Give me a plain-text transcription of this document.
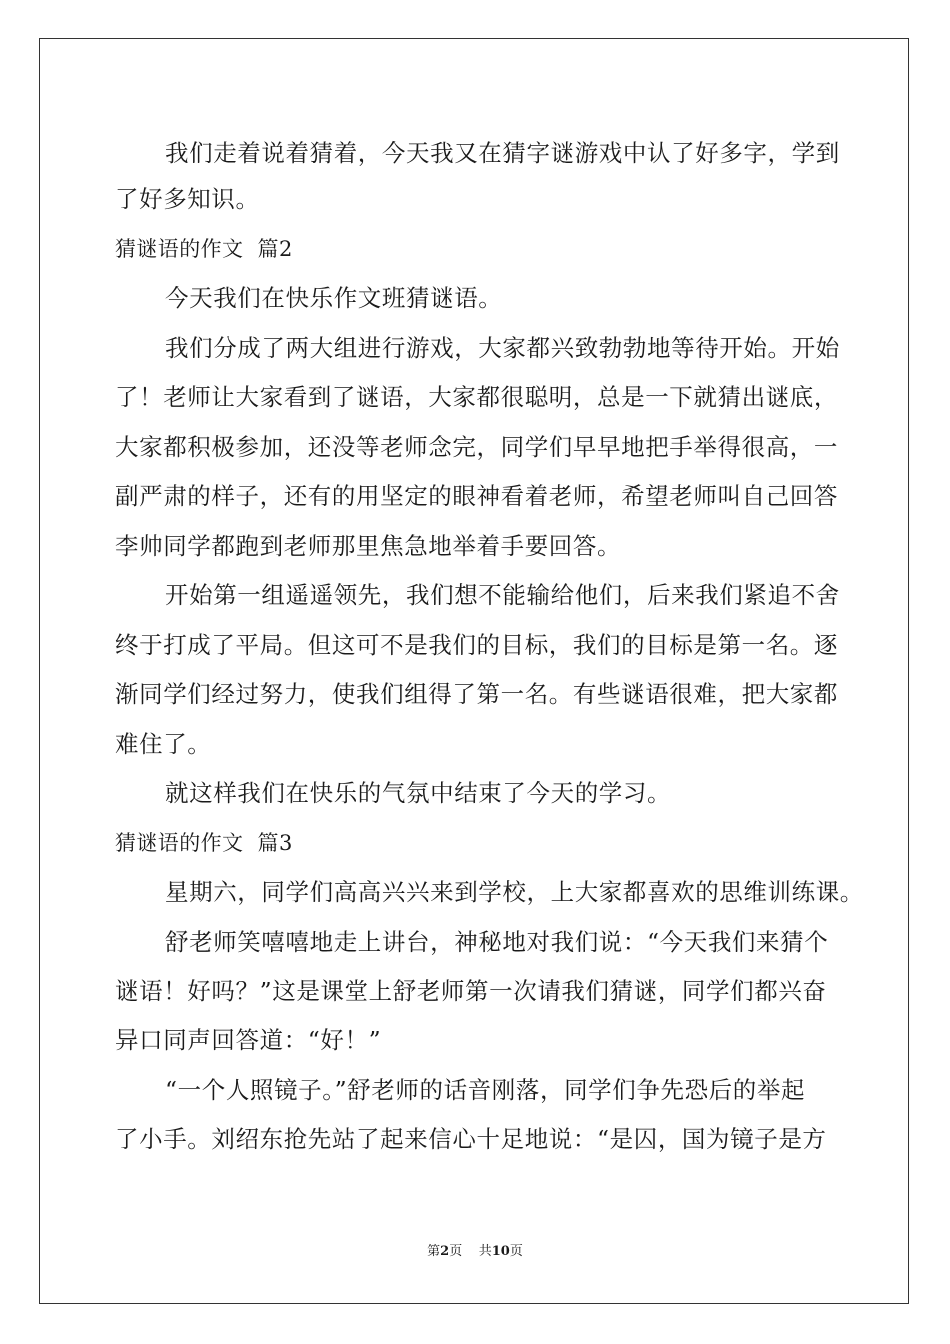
我们走着说着猜着，今天我又在猜字谜游戏中认了好多字，学到
了好多知识。
猜谜语的作文  篇2
今天我们在快乐作文班猜谜语。
我们分成了两大组进行游戏，大家都兴致勃勃地等待开始。开始
了！老师让大家看到了谜语，大家都很聪明，总是一下就猜出谜底，
大家都积极参加，还没等老师念完，同学们早早地把手举得很高，一
副严肃的样子，还有的用坚定的眼神看着老师，希望老师叫自己回答
李帅同学都跑到老师那里焦急地举着手要回答。
开始第一组遥遥领先，我们想不能输给他们，后来我们紧追不舍
终于打成了平局。但这可不是我们的目标，我们的目标是第一名。逐
渐同学们经过努力，使我们组得了第一名。有些谜语很难，把大家都
难住了。
就这样我们在快乐的气氛中结束了今天的学习。
猜谜语的作文  篇3
星期六，同学们高高兴兴来到学校，上大家都喜欢的思维训练课。
舒老师笑嘻嘻地走上讲台，神秘地对我们说：“今天我们来猜个
谜语！好吗？”这是课堂上舒老师第一次请我们猜谜，同学们都兴奋
异口同声回答道：“好！”
“一个人照镜子。”舒老师的话音刚落，同学们争先恐后的举起
了小手。刘绍东抢先站了起来信心十足地说：“是囚，国为镜子是方
第2页    共10页
